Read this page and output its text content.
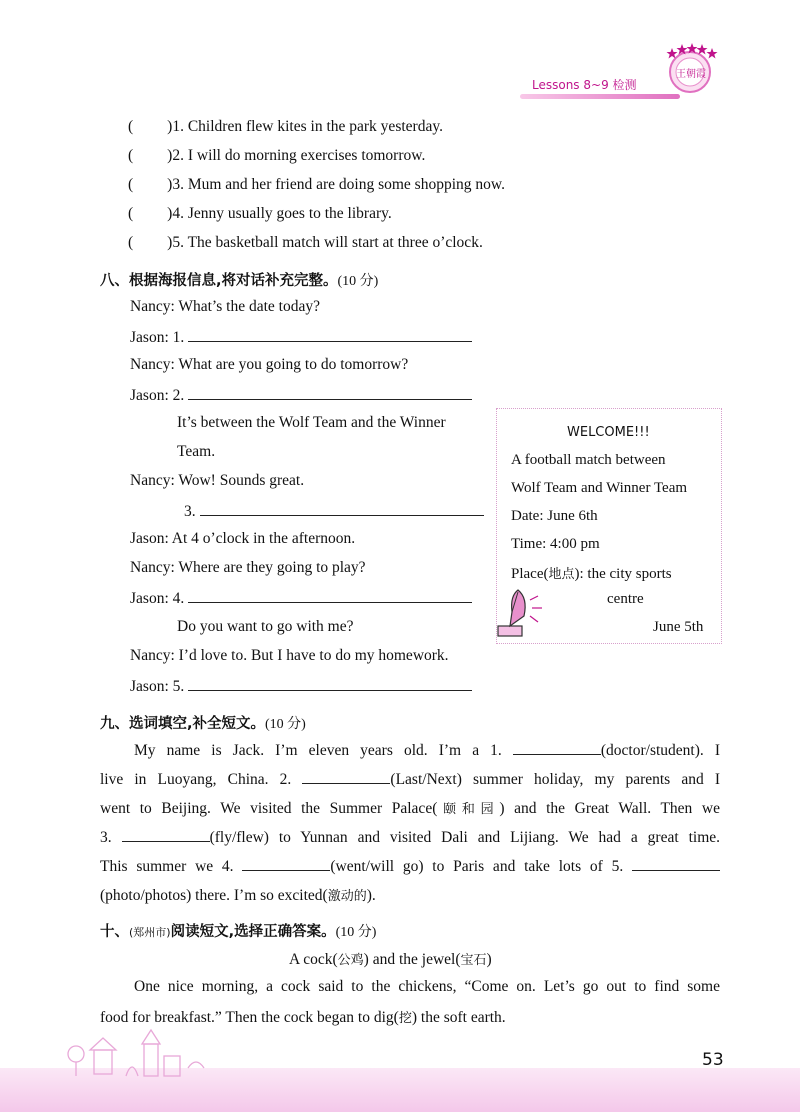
王朝霞
Lessons 8~9 检测
( )1. Children flew kites in the park yesterday.
( )2. I will do morning exercises tomorrow.
( )3. Mum and her friend are doing some shopping now.
( )4. Jenny usually goes to the library.
( )5. The basketball match will start at three o’clock.
八、根据海报信息,将对话补充完整。(10 分)
Nancy: What’s the date today?
Jason: 1.
Nancy: What are you going to do tomorrow?
Jason: 2.
It’s between the Wolf Team and the Winner
Team.
Nancy: Wow! Sounds great.
3.
Jason: At 4 o’clock in the afternoon.
Nancy: Where are they going to play?
Jason: 4.
Do you want to go with me?
Nancy: I’d love to. But I have to do my homework.
Jason: 5.
WELCOME!!!
A football match between
Wolf Team and Winner Team
Date: June 6th
Time: 4:00 pm
Place(地点): the city sports
centre
June 5th
九、选词填空,补全短文。(10 分)
My name is Jack. I’m eleven years old. I’m a 1.	(doctor/student). I
live in Luoyang, China. 2.	(Last/Next) summer holiday, my parents and I
went to Beijing. We visited the Summer Palace(颐和园) and the Great Wall. Then we
3.	(fly/flew) to Yunnan and visited Dali and Lijiang. We had a great time.
This summer we 4.	(went/will go) to Paris and take lots of 5.
(photo/photos) there. I’m so excited(激动的).
十、(郑州市)阅读短文,选择正确答案。(10 分)
A cock(公鸡) and the jewel(宝石)
One nice morning, a cock said to the chickens, “Come on. Let’s go out to find some
food for breakfast.” Then the cock began to dig(挖) the soft earth.
53
